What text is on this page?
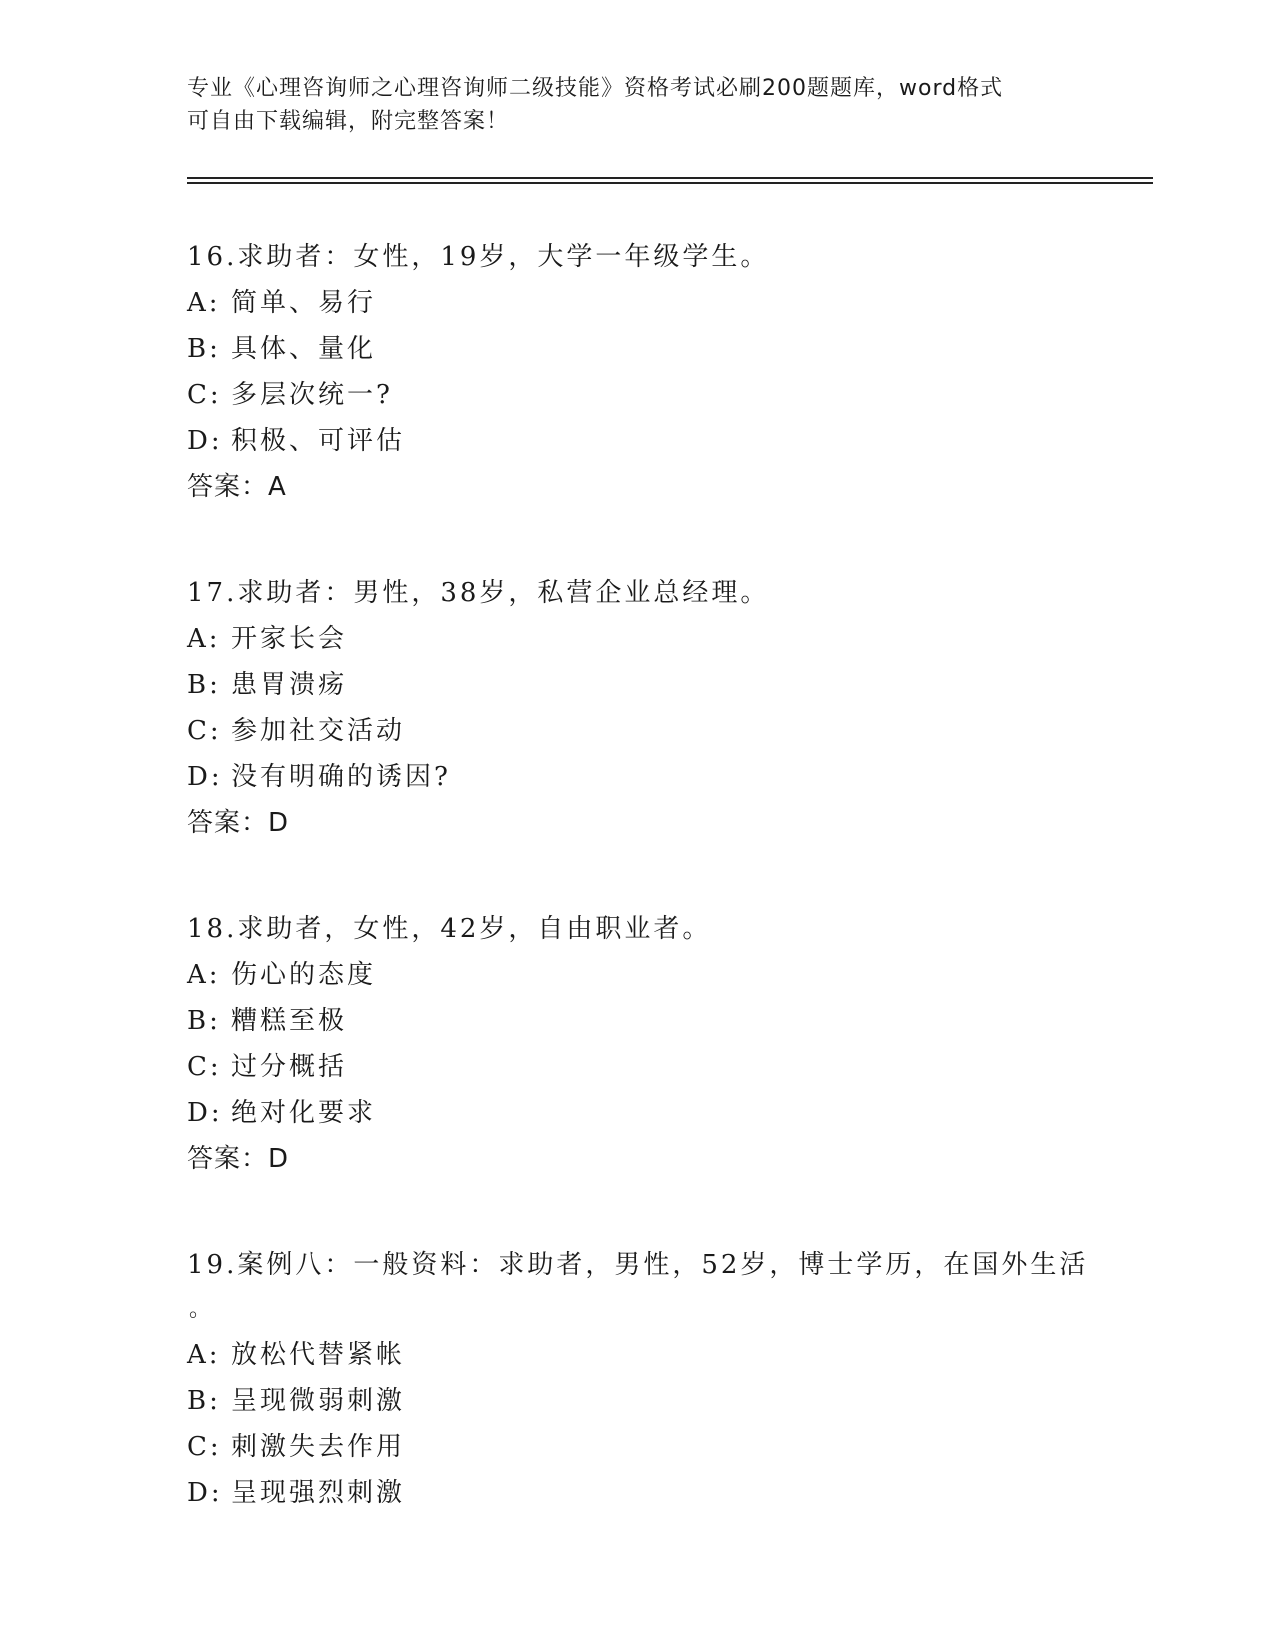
专业《心理咨询师之心理咨询师二级技能》资格考试必刷200题题库，word格式
可自由下载编辑，附完整答案！
16.求助者：女性，19岁，大学一年级学生。
A: 简单、易行
B: 具体、量化
C: 多层次统一?
D: 积极、可评估
答案：A
17.求助者：男性，38岁，私营企业总经理。
A: 开家长会
B: 患胃溃疡
C: 参加社交活动
D: 没有明确的诱因?
答案：D
18.求助者，女性，42岁，自由职业者。
A: 伤心的态度
B: 糟糕至极
C: 过分概括
D: 绝对化要求
答案：D
19.案例八：一般资料：求助者，男性，52岁，博士学历，在国外生活
。
A: 放松代替紧帐
B: 呈现微弱刺激
C: 刺激失去作用
D: 呈现强烈刺激
